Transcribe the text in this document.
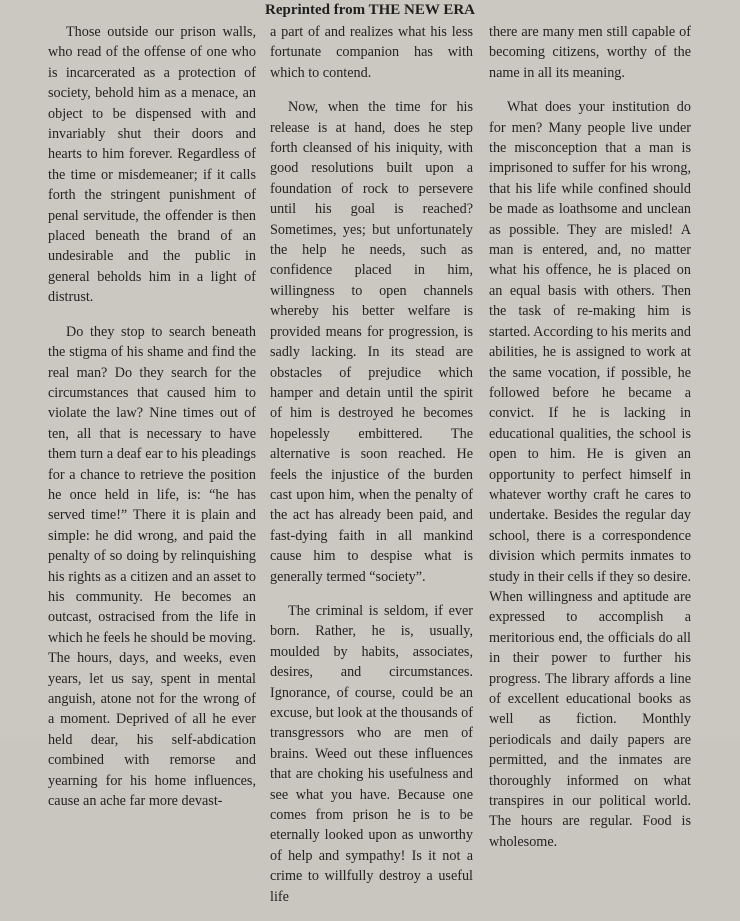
Reprinted from THE NEW ERA

Those outside our prison walls, who read of the offense of one who is incarcerated as a protection of society, behold him as a menace, an object to be dispensed with and invariably shut their doors and hearts to him forever. Regardless of the time or misdemeaner; if it calls forth the stringent punishment of penal servitude, the offender is then placed beneath the brand of an undesirable and the public in general beholds him in a light of distrust.

Do they stop to search beneath the stigma of his shame and find the real man? Do they search for the circumstances that caused him to violate the law? Nine times out of ten, all that is necessary to have them turn a deaf ear to his pleadings for a chance to retrieve the position he once held in life, is: “he has served time!” There it is plain and simple: he did wrong, and paid the penalty of so doing by relinquishing his rights as a citizen and an asset to his community. He becomes an outcast, ostracised from the life in which he feels he should be moving. The hours, days, and weeks, even years, let us say, spent in mental anguish, atone not for the wrong of a moment. Deprived of all he ever held dear, his self-abdication combined with remorse and yearning for his home influences, cause an ache far more devast-

a part of and realizes what his less fortunate companion has with which to contend.

Now, when the time for his release is at hand, does he step forth cleansed of his iniquity, with good resolutions built upon a foundation of rock to persevere until his goal is reached? Sometimes, yes; but unfortunately the help he needs, such as confidence placed in him, willingness to open channels whereby his better welfare is provided means for progression, is sadly lacking. In its stead are obstacles of prejudice which hamper and detain until the spirit of him is destroyed he becomes hopelessly embittered. The alternative is soon reached. He feels the injustice of the burden cast upon him, when the penalty of the act has already been paid, and fast-dying faith in all mankind cause him to despise what is generally termed “society”.

The criminal is seldom, if ever born. Rather, he is, usually, moulded by habits, associates, desires, and circumstances. Ignorance, of course, could be an excuse, but look at the thousands of transgressors who are men of brains. Weed out these influences that are choking his usefulness and see what you have. Because one comes from prison he is to be eternally looked upon as unworthy of help and sympathy! Is it not a crime to willfully destroy a useful life

there are many men still capable of becoming citizens, worthy of the name in all its meaning.

What does your institution do for men? Many people live under the misconception that a man is imprisoned to suffer for his wrong, that his life while confined should be made as loathsome and unclean as possible. They are misled! A man is entered, and, no matter what his offence, he is placed on an equal basis with others. Then the task of re-making him is started. According to his merits and abilities, he is assigned to work at the same vocation, if possible, he followed before he became a convict. If he is lacking in educational qualities, the school is open to him. He is given an opportunity to perfect himself in whatever worthy craft he cares to undertake. Besides the regular day school, there is a correspondence division which permits inmates to study in their cells if they so desire. When willingness and aptitude are expressed to accomplish a meritorious end, the officials do all in their power to further his progress. The library affords a line of excellent educational books as well as fiction. Monthly periodicals and daily papers are permitted, and the inmates are thoroughly informed on what transpires in our political world. The hours are regular. Food is wholesome.
